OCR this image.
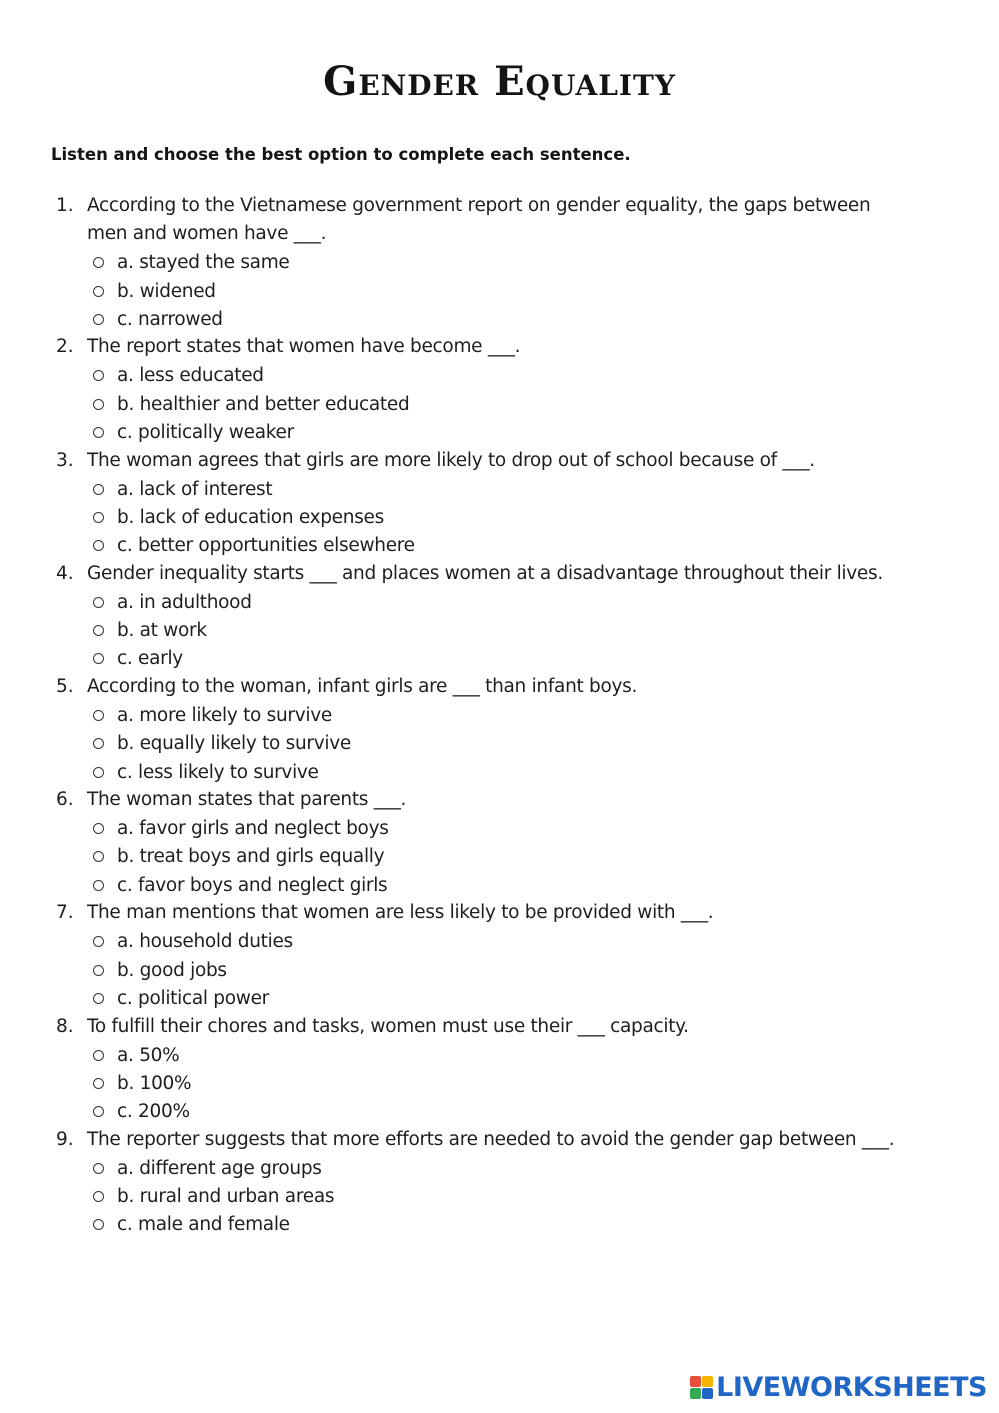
Gender Equality
Listen and choose the best option to complete each sentence.
1. According to the Vietnamese government report on gender equality, the gaps between
men and women have ___.
a. stayed the same
b. widened
c. narrowed
2. The report states that women have become ___.
a. less educated
b. healthier and better educated
c. politically weaker
3. The woman agrees that girls are more likely to drop out of school because of ___.
a. lack of interest
b. lack of education expenses
c. better opportunities elsewhere
4. Gender inequality starts ___ and places women at a disadvantage throughout their lives.
a. in adulthood
b. at work
c. early
5. According to the woman, infant girls are ___ than infant boys.
a. more likely to survive
b. equally likely to survive
c. less likely to survive
6. The woman states that parents ___.
a. favor girls and neglect boys
b. treat boys and girls equally
c. favor boys and neglect girls
7. The man mentions that women are less likely to be provided with ___.
a. household duties
b. good jobs
c. political power
8. To fulfill their chores and tasks, women must use their ___ capacity.
a. 50%
b. 100%
c. 200%
9. The reporter suggests that more efforts are needed to avoid the gender gap between ___.
a. different age groups
b. rural and urban areas
c. male and female
LIVEWORKSHEETS
